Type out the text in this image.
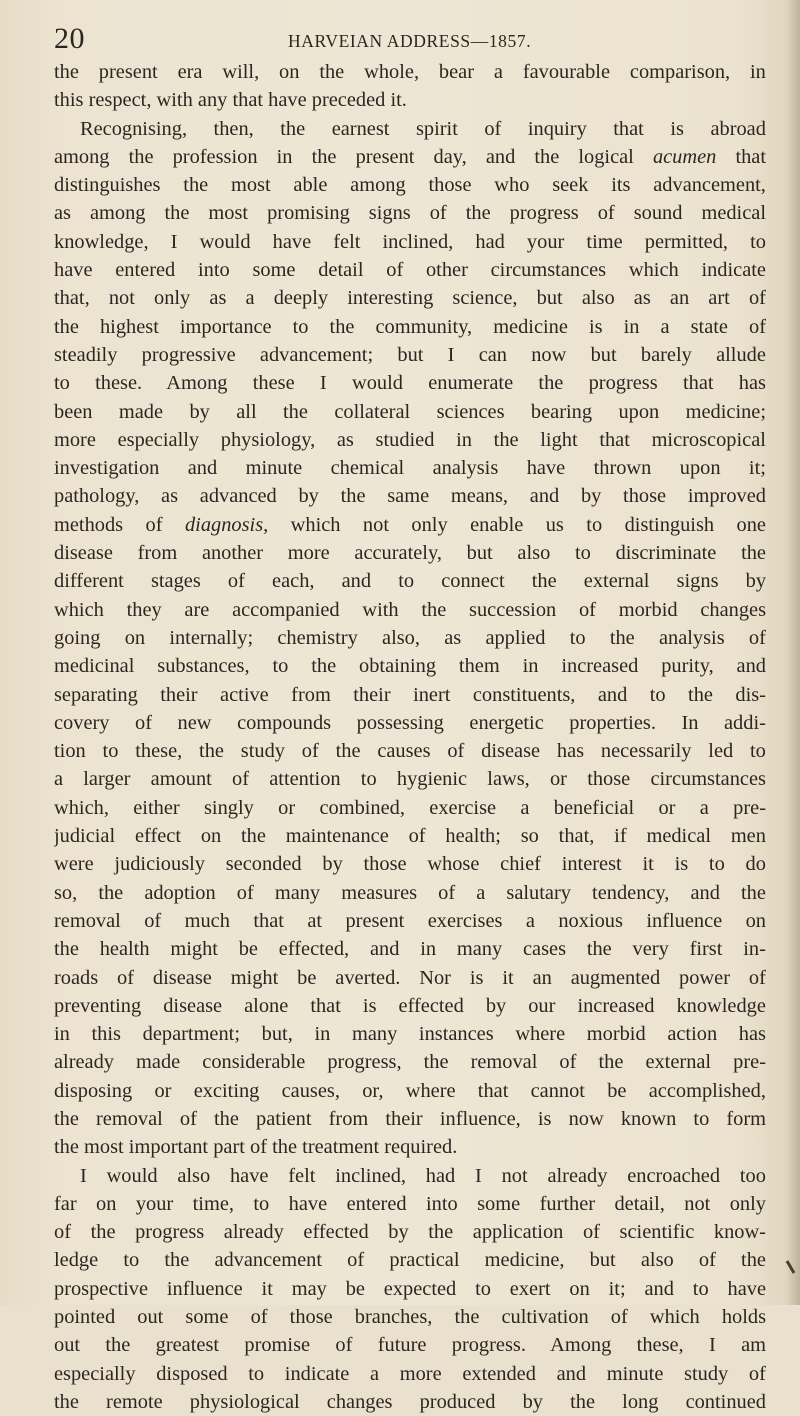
20	HARVEIAN ADDRESS—1857.
the present era will, on the whole, bear a favourable comparison, in
this respect, with any that have preceded it.
Recognising, then, the earnest spirit of inquiry that is abroad
among the profession in the present day, and the logical acumen that
distinguishes the most able among those who seek its advancement,
as among the most promising signs of the progress of sound medical
knowledge, I would have felt inclined, had your time permitted, to
have entered into some detail of other circumstances which indicate
that, not only as a deeply interesting science, but also as an art of
the highest importance to the community, medicine is in a state of
steadily progressive advancement; but I can now but barely allude
to these. Among these I would enumerate the progress that has
been made by all the collateral sciences bearing upon medicine;
more especially physiology, as studied in the light that microscopical
investigation and minute chemical analysis have thrown upon it;
pathology, as advanced by the same means, and by those improved
methods of diagnosis, which not only enable us to distinguish one
disease from another more accurately, but also to discriminate the
different stages of each, and to connect the external signs by
which they are accompanied with the succession of morbid changes
going on internally; chemistry also, as applied to the analysis of
medicinal substances, to the obtaining them in increased purity, and
separating their active from their inert constituents, and to the dis-
covery of new compounds possessing energetic properties. In addi-
tion to these, the study of the causes of disease has necessarily led to
a larger amount of attention to hygienic laws, or those circumstances
which, either singly or combined, exercise a beneficial or a pre-
judicial effect on the maintenance of health; so that, if medical men
were judiciously seconded by those whose chief interest it is to do
so, the adoption of many measures of a salutary tendency, and the
removal of much that at present exercises a noxious influence on
the health might be effected, and in many cases the very first in-
roads of disease might be averted. Nor is it an augmented power of
preventing disease alone that is effected by our increased knowledge
in this department; but, in many instances where morbid action has
already made considerable progress, the removal of the external pre-
disposing or exciting causes, or, where that cannot be accomplished,
the removal of the patient from their influence, is now known to form
the most important part of the treatment required.
I would also have felt inclined, had I not already encroached too
far on your time, to have entered into some further detail, not only
of the progress already effected by the application of scientific know-
ledge to the advancement of practical medicine, but also of the
prospective influence it may be expected to exert on it; and to have
pointed out some of those branches, the cultivation of which holds
out the greatest promise of future progress. Among these, I am
especially disposed to indicate a more extended and minute study of
the remote physiological changes produced by the long continued
